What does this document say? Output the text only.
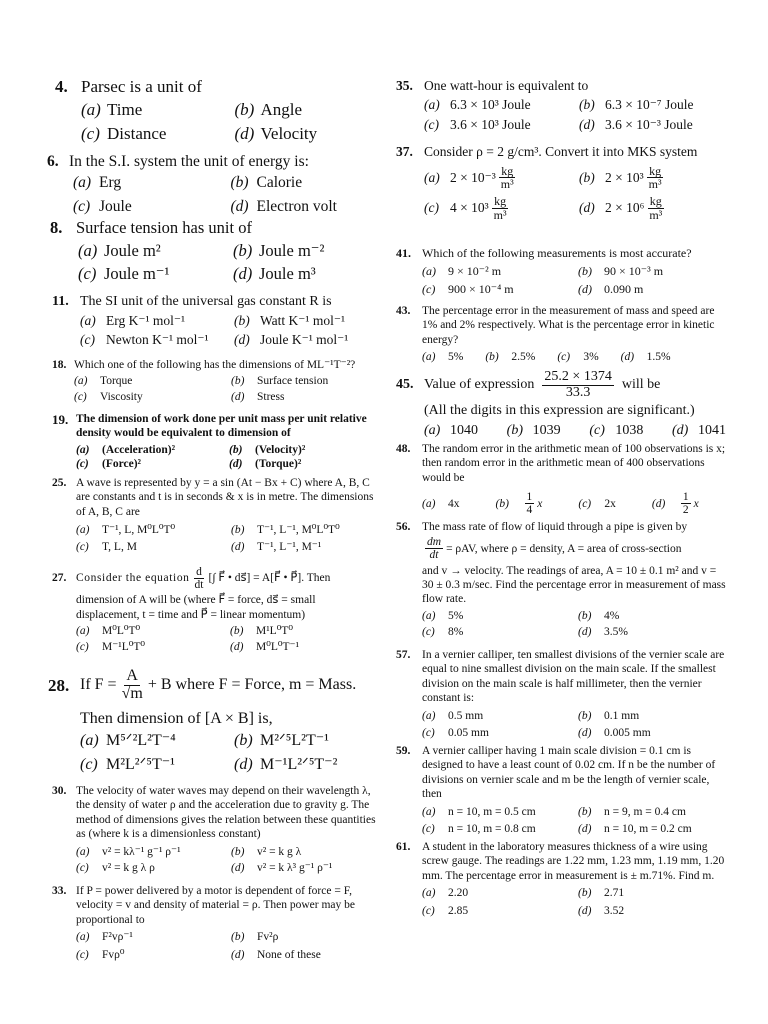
4. Parsec is a unit of
(a) Time	(b) Angle
(c) Distance	(d) Velocity
6. In the S.I. system the unit of energy is:
(a) Erg	(b) Calorie
(c) Joule	(d) Electron volt
8. Surface tension has unit of
(a) Joule m²	(b) Joule m⁻²
(c) Joule m⁻¹	(d) Joule m³
11. The SI unit of the universal gas constant R is
(a) Erg K⁻¹ mol⁻¹	(b) Watt K⁻¹ mol⁻¹
(c) Newton K⁻¹ mol⁻¹ (d) Joule K⁻¹ mol⁻¹
18. Which one of the following has the dimensions of ML⁻¹T⁻²?
(a)	Torque	(b)	Surface tension
(c)	Viscosity	(d)	Stress
19. The dimension of work done per unit mass per unit relative density would be equivalent to dimension of
(a)	(Acceleration)²	(b)	(Velocity)²
(c)	(Force)²	(d)	(Torque)²
25. A wave is represented by y = a sin (At − Bx + C) where A, B, C are constants and t is in seconds & x is in metre. The dimensions of A, B, C are
(a)	T⁻¹, L, M⁰L⁰T⁰	(b)	T⁻¹, L⁻¹, M⁰L⁰T⁰
(c)	T, L, M	(d)	T⁻¹, L⁻¹, M⁻¹
27. Consider the equation $\frac{d}{dt}$ [∫ F⃗ • ds⃗] = A[F⃗ • P⃗]. Then
dimension of A will be (where F⃗ = force, ds⃗ = small displacement, t = time and P⃗ = linear momentum)
(a)	M⁰L⁰T⁰	(b)	M¹L⁰T⁰
(c)	M⁻¹L⁰T⁰	(d)	M⁰L⁰T⁻¹
28. If $F = \frac{A}{√m} + B$ where F = Force, m = Mass.
Then dimension of [A × B] is,
(a) M⁵ᐟ²L²T⁻⁴	(b) M²ᐟ⁵L²T⁻¹
(c) M²L²ᐟ⁵T⁻¹	(d) M⁻¹L²ᐟ⁵T⁻²
30. The velocity of water waves may depend on their wavelength λ, the density of water ρ and the acceleration due to gravity g. The method of dimensions gives the relation between these quantities as (where k is a dimensionless constant)
(a)	v² = kλ⁻¹ g⁻¹ ρ⁻¹	(b)	v² = k g λ
(c)	v² = k g λ ρ	(d)	v² = k λ³ g⁻¹ ρ⁻¹
33. If P = power delivered by a motor is dependent of force = F, velocity = v and density of material = ρ. Then power may be proportional to
(a)	F²vρ⁻¹	(b)	Fv²ρ
(c)	Fvρ⁰	(d)	None of these
35. One watt-hour is equivalent to
(a) 6.3 × 10³ Joule	(b) 6.3 × 10⁻⁷ Joule
(c) 3.6 × 10³ Joule	(d) 3.6 × 10⁻³ Joule
37. Consider ρ = 2 g/cm³. Convert it into MKS system
(a) $2 \times 10^{-3} \frac{kg}{\text{m³}}$	(b) $2 \times 10^3 \frac{kg}{\text{m³}}$
(c) $4 \times 10^3 \frac{kg}{\text{m³}}$	(d) $2 \times 10^6 \frac{kg}{\text{m³}}$
41. Which of the following measurements is most accurate?
(a)	9 × 10⁻² m	(b)	90 × 10⁻³ m
(c)	900 × 10⁻⁴ m	(d)	0.090 m
43.	The percentage error in the measurement of mass and speed are 1% and 2% respectively. What is the percentage error in kinetic energy?
(a)	5% (b)	2.5% (c)	3% (d)	1.5%
45. Value of expression $\frac{25.2 \times 1374}{33.3}$ will be
(All the digits in this expression are significant.)
(a) 1040 (b) 1039 (c) 1038 (d) 1041
48.	The random error in the arithmetic mean of 100 observations is x; then random error in the arithmetic mean of 400 observations would be
(a)	4x	(b)	$\frac{1}{4}$ x	(c)	2x	(d)	$\frac{1}{2}$ x
56.	The mass rate of flow of liquid through a pipe is given by
$\frac{dm}{dt} = \rho AV$, where ρ = density, A = area of cross-section
and v → velocity. The readings of area, A = 10 ± 0.1 m² and v = 30 ± 0.3 m/sec. Find the percentage error in measurement of mass flow rate.
(a)	5%	(b)	4%
(c)	8%	(d)	3.5%
57.	In a vernier calliper, ten smallest divisions of the vernier scale are equal to nine smallest division on the main scale. If the smallest division on the main scale is half millimeter, then the vernier constant is:
(a)	0.5 mm	(b)	0.1 mm
(c)	0.05 mm	(d)	0.005 mm
59.	A vernier calliper having 1 main scale division = 0.1 cm is designed to have a least count of 0.02 cm. If n be the number of divisions on vernier scale and m be the length of vernier scale, then
(a)	n = 10, m = 0.5 cm	(b)	n = 9, m = 0.4 cm
(c)	n = 10, m = 0.8 cm	(d)	n = 10, m = 0.2 cm
61.	A student in the laboratory measures thickness of a wire using screw gauge. The readings are 1.22 mm, 1.23 mm, 1.19 mm, 1.20 mm. The percentage error in measurement is ± m.71%. Find m.
(a)	2.20	(b)	2.71
(c)	2.85	(d)	3.52
